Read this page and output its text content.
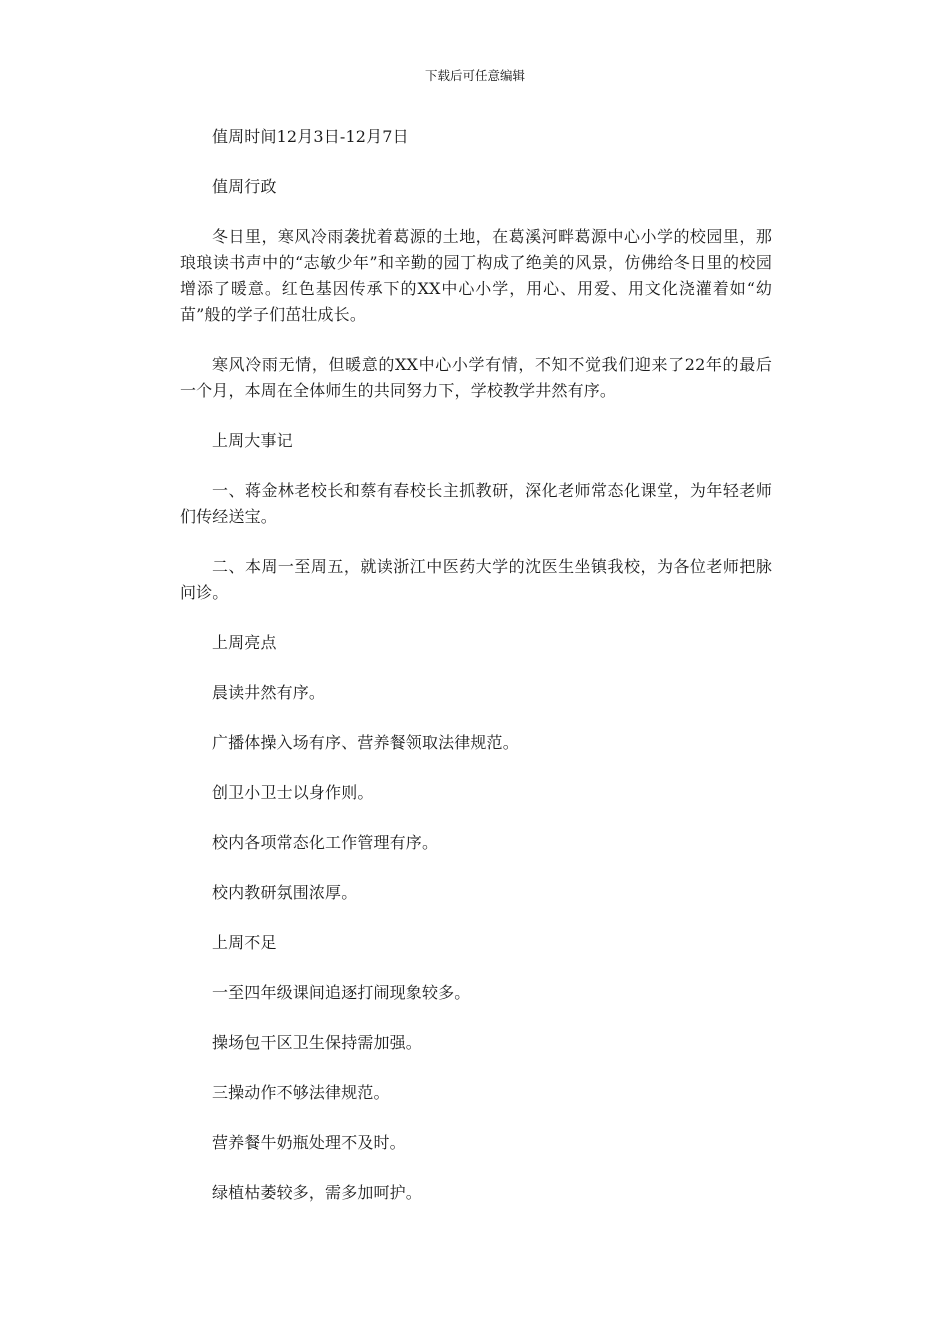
下载后可任意编辑

值周时间12月3日-12月7日

值周行政

冬日里，寒风冷雨袭扰着葛源的土地，在葛溪河畔葛源中心小学的校园里，那琅琅读书声中的“志敏少年”和辛勤的园丁构成了绝美的风景，仿佛给冬日里的校园增添了暖意。红色基因传承下的XX中心小学，用心、用爱、用文化浇灌着如“幼苗”般的学子们茁壮成长。

寒风冷雨无情，但暖意的XX中心小学有情，不知不觉我们迎来了22年的最后一个月，本周在全体师生的共同努力下，学校教学井然有序。

上周大事记

一、蒋金林老校长和蔡有春校长主抓教研，深化老师常态化课堂，为年轻老师们传经送宝。

二、本周一至周五，就读浙江中医药大学的沈医生坐镇我校，为各位老师把脉问诊。

上周亮点

晨读井然有序。

广播体操入场有序、营养餐领取法律规范。

创卫小卫士以身作则。

校内各项常态化工作管理有序。

校内教研氛围浓厚。

上周不足

一至四年级课间追逐打闹现象较多。

操场包干区卫生保持需加强。

三操动作不够法律规范。

营养餐牛奶瓶处理不及时。

绿植枯萎较多，需多加呵护。
